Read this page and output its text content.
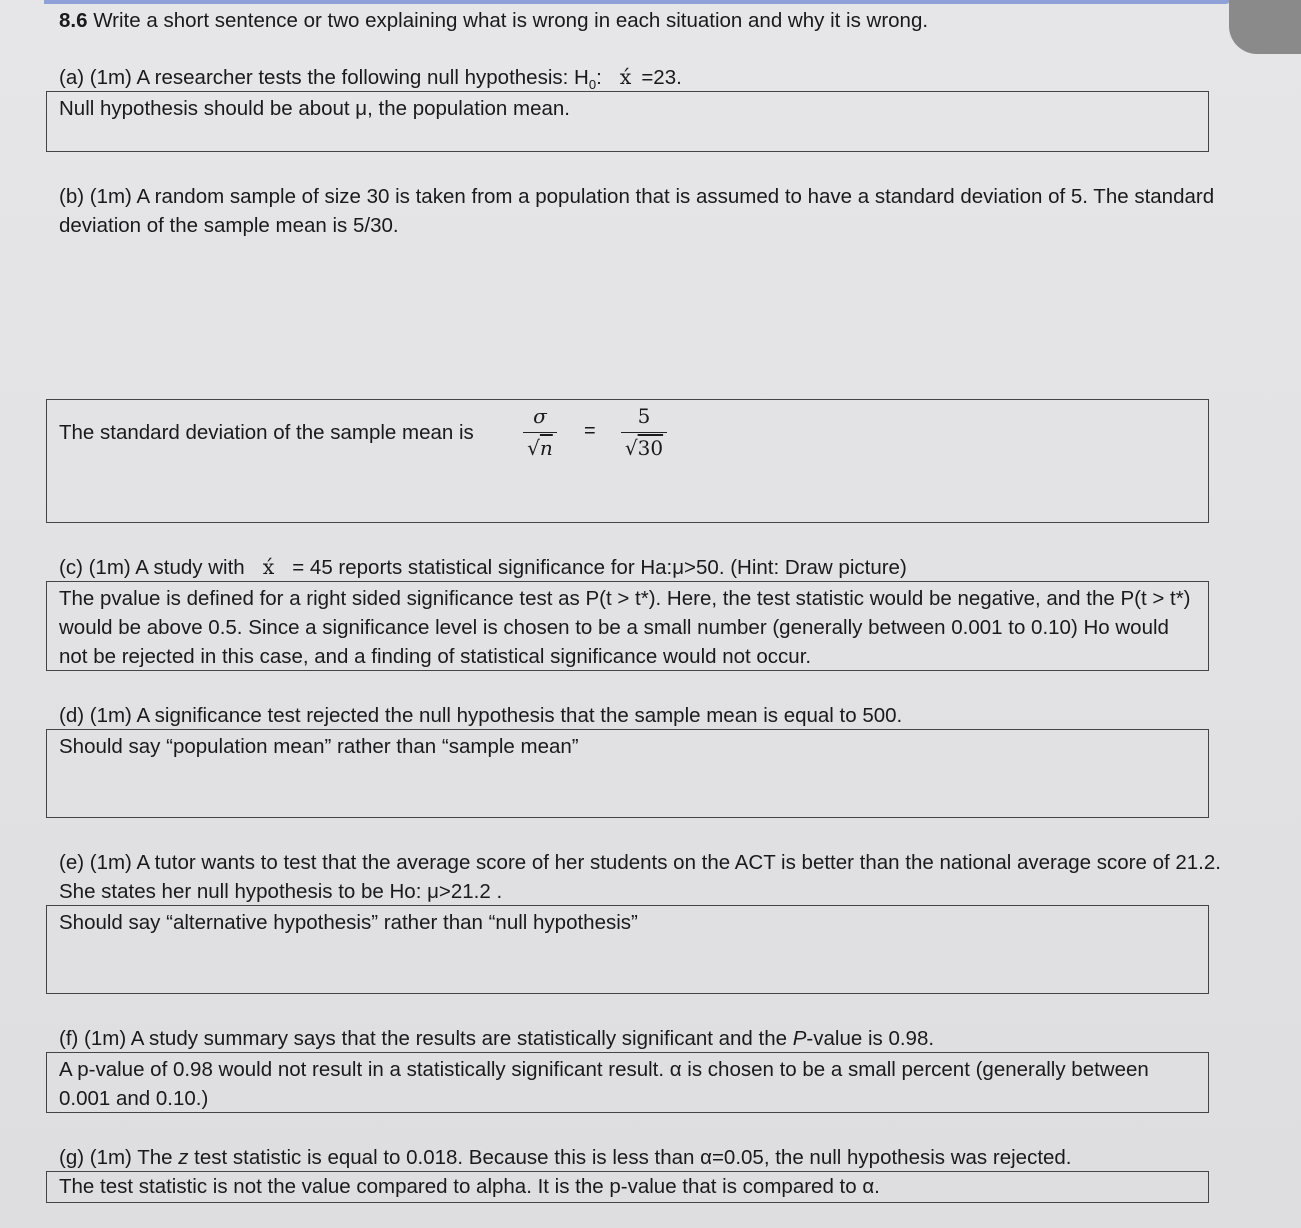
8.6 Write a short sentence or two explaining what is wrong in each situation and why it is wrong.
(a) (1m) A researcher tests the following null hypothesis: $H_0$: x́ =23.
Null hypothesis should be about μ, the population mean.
(b) (1m) A random sample of size 30 is taken from a population that is assumed to have a standard deviation of 5. The standard deviation of the sample mean is 5/30.
The standard deviation of the sample mean is
σ
√n
=
5
√30
(c) (1m) A study with x́ = 45 reports statistical significance for Ha:μ>50. (Hint: Draw picture)
The pvalue is defined for a right sided significance test as P(t > t*). Here, the test statistic would be negative, and the P(t > t*) would be above 0.5. Since a significance level is chosen to be a small number (generally between 0.001 to 0.10) Ho would not be rejected in this case, and a finding of statistical significance would not occur.
(d) (1m) A significance test rejected the null hypothesis that the sample mean is equal to 500.
Should say “population mean” rather than “sample mean”
(e) (1m) A tutor wants to test that the average score of her students on the ACT is better than the national average score of 21.2. She states her null hypothesis to be Ho: μ>21.2 .
Should say “alternative hypothesis” rather than “null hypothesis”
(f) (1m) A study summary says that the results are statistically significant and the P-value is 0.98.
A p-value of 0.98 would not result in a statistically significant result. α is chosen to be a small percent (generally between 0.001 and 0.10.)
(g) (1m) The z test statistic is equal to 0.018. Because this is less than α=0.05, the null hypothesis was rejected.
The test statistic is not the value compared to alpha. It is the p-value that is compared to α.
